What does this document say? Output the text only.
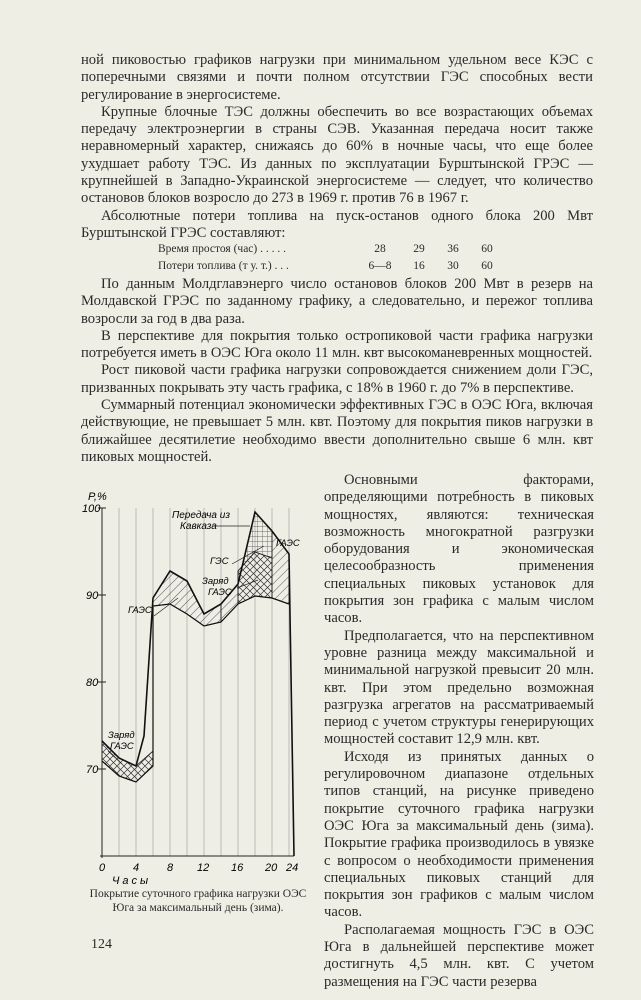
ной пиковостью графиков нагрузки при минимальном удельном весе КЭС с поперечными связями и почти полном отсутствии ГЭС способных вести регулирование в энергосистеме.

Крупные блочные ТЭС должны обеспечить во все возрастающих объемах передачу электроэнергии в страны СЭВ. Указанная передача носит также неравномерный характер, снижаясь до 60% в ночные часы, что еще более ухудшает работу ТЭС. Из данных по эксплуатации Бурштынской ГРЭС — крупнейшей в Западно-Украинской энергосистеме — следует, что количество остановов блоков возросло до 273 в 1969 г. против 76 в 1967 г.

Абсолютные потери топлива на пуск-останов одного блока 200 Мвт Бурштынской ГРЭС составляют:

Время простоя (час) . . . . .	28	29	36	60
Потери топлива (т у. т.) . . .	6—8	16	30	60

По данным Молдглавэнерго число остановов блоков 200 Мвт в резерв на Молдавской ГРЭС по заданному графику, а следовательно, и пережог топлива возросли за год в два раза.

В перспективе для покрытия только остропиковой части графика нагрузки потребуется иметь в ОЭС Юга около 11 млн. квт высокоманевренных мощностей.

Рост пиковой части графика нагрузки сопровождается снижением доли ГЭС, призванных покрывать эту часть графика, с 18% в 1960 г. до 7% в перспективе.

Суммарный потенциал экономически эффективных ГЭС в ОЭС Юга, включая действующие, не превышает 5 млн. квт. Поэтому для покрытия пиков нагрузки в ближайшее десятилетие необходимо ввести дополнительно свыше 6 млн. квт пиковых мощностей.

Основными факторами, определяющими потребность в пиковых мощностях, являются: техническая возможность многократной разгрузки оборудования и экономическая целесообразность применения специальных пиковых установок для покрытия зон графика с малым числом часов.

Предполагается, что на перспективном уровне разница между максимальной и минимальной нагрузкой превысит 20 млн. квт. При этом предельно возможная разгрузка агрегатов на рассматриваемый период с учетом структуры генерирующих мощностей составит 12,9 млн. квт.

Исходя из принятых данных о регулировочном диапазоне отдельных типов станций, на рисунке приведено покрытие суточного графика нагрузки ОЭС Юга за максимальный день (зима). Покрытие графика производилось в увязке с вопросом о необходимости применения специальных пиковых станций для покрытия зон графиков с малым числом часов.

Располагаемая мощность ГЭС в ОЭС Юга в дальнейшей перспективе может достигнуть 4,5 млн. квт. С учетом размещения на ГЭС части резерва

100
90
80
70
P,%
Передача из
Кавказа
ГАЭС
ГЭС
Заряд
ГАЭС
ГАЭС
Заряд
ГАЭС
0	4	8 12 16 20 24
Часы
Покрытие суточного графика нагрузки ОЭС Юга за максимальный день (зима).
124
